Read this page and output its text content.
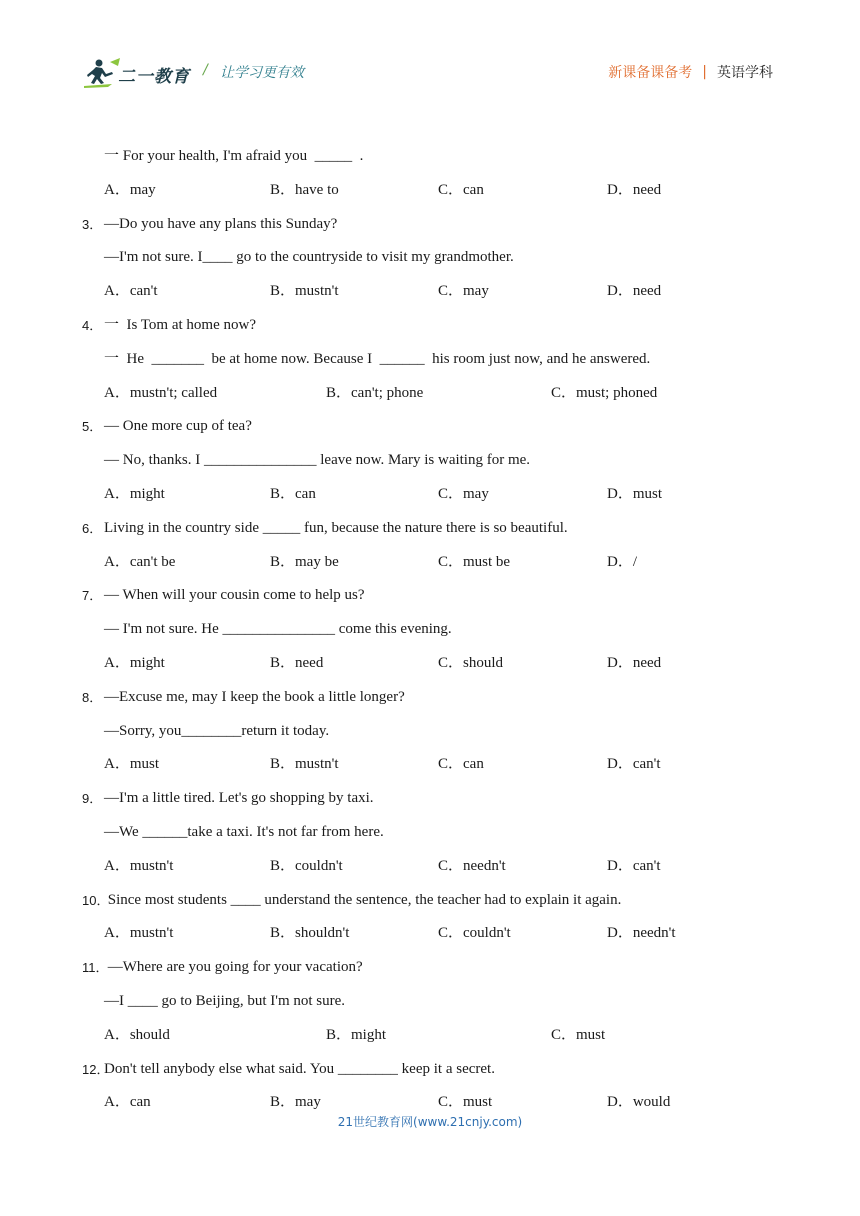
二一教育 / 让学习更有效	新课备课备考 | 英语学科
一 For your health, I'm afraid you  _____  .
A．may	B．have to	C．can	D．need
3． —Do you have any plans this Sunday?
—I'm not sure. I____ go to the countryside to visit my grandmother.
A．can't	B．mustn't	C．may	D．need
4． 一  Is Tom at home now?
一  He  _______  be at home now. Because I  ______  his room just now, and he answered.
A．mustn't; called	B．can't; phone	C．must; phoned
5． — One more cup of tea?
— No, thanks. I _______________ leave now. Mary is waiting for me.
A．might	B．can	C．may	D．must
6． Living in the country side _____ fun, because the nature there is so beautiful.
A．can't be	B．may be	C．must be	D．/
7． — When will your cousin come to help us?
— I'm not sure. He _______________ come this evening.
A．might	B．need	C．should	D．need
8． —Excuse me, may I keep the book a little longer?
—Sorry, you________return it today.
A．must	B．mustn't	C．can	D．can't
9． —I'm a little tired. Let's go shopping by taxi.
—We ______take a taxi. It's not far from here.
A．mustn't	B．couldn't	C．needn't	D．can't
10．
Since most students ____ understand the sentence, the teacher had to explain it again.
A．mustn't	B．shouldn't	C．couldn't	D．needn't
11．
—Where are you going for your vacation?
—I ____ go to Beijing, but I'm not sure.
A．should	B．might	C．must
12．
Don't tell anybody else what said. You ________ keep it a secret.
A．can	B．may	C．must	D．would
21世纪教育网(www.21cnjy.com)
